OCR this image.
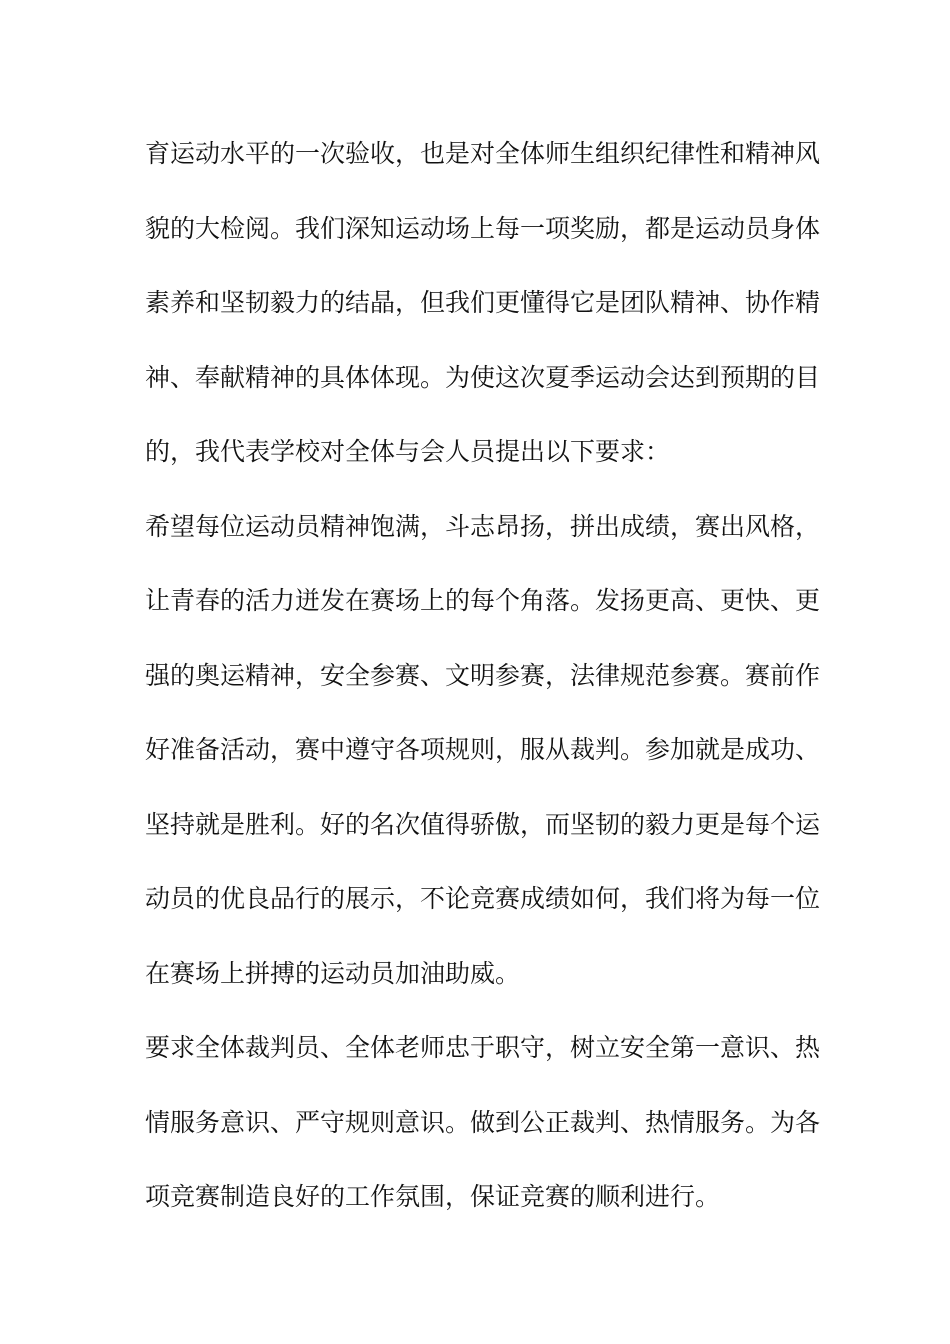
育运动水平的一次验收，也是对全体师生组织纪律性和精神风
貌的大检阅。我们深知运动场上每一项奖励，都是运动员身体
素养和坚韧毅力的结晶，但我们更懂得它是团队精神、协作精
神、奉献精神的具体体现。为使这次夏季运动会达到预期的目
的，我代表学校对全体与会人员提出以下要求：
希望每位运动员精神饱满，斗志昂扬，拼出成绩，赛出风格，
让青春的活力迸发在赛场上的每个角落。发扬更高、更快、更
强的奥运精神，安全参赛、文明参赛，法律规范参赛。赛前作
好准备活动，赛中遵守各项规则，服从裁判。参加就是成功、
坚持就是胜利。好的名次值得骄傲，而坚韧的毅力更是每个运
动员的优良品行的展示，不论竞赛成绩如何，我们将为每一位
在赛场上拼搏的运动员加油助威。
要求全体裁判员、全体老师忠于职守，树立安全第一意识、热
情服务意识、严守规则意识。做到公正裁判、热情服务。为各
项竞赛制造良好的工作氛围，保证竞赛的顺利进行。
